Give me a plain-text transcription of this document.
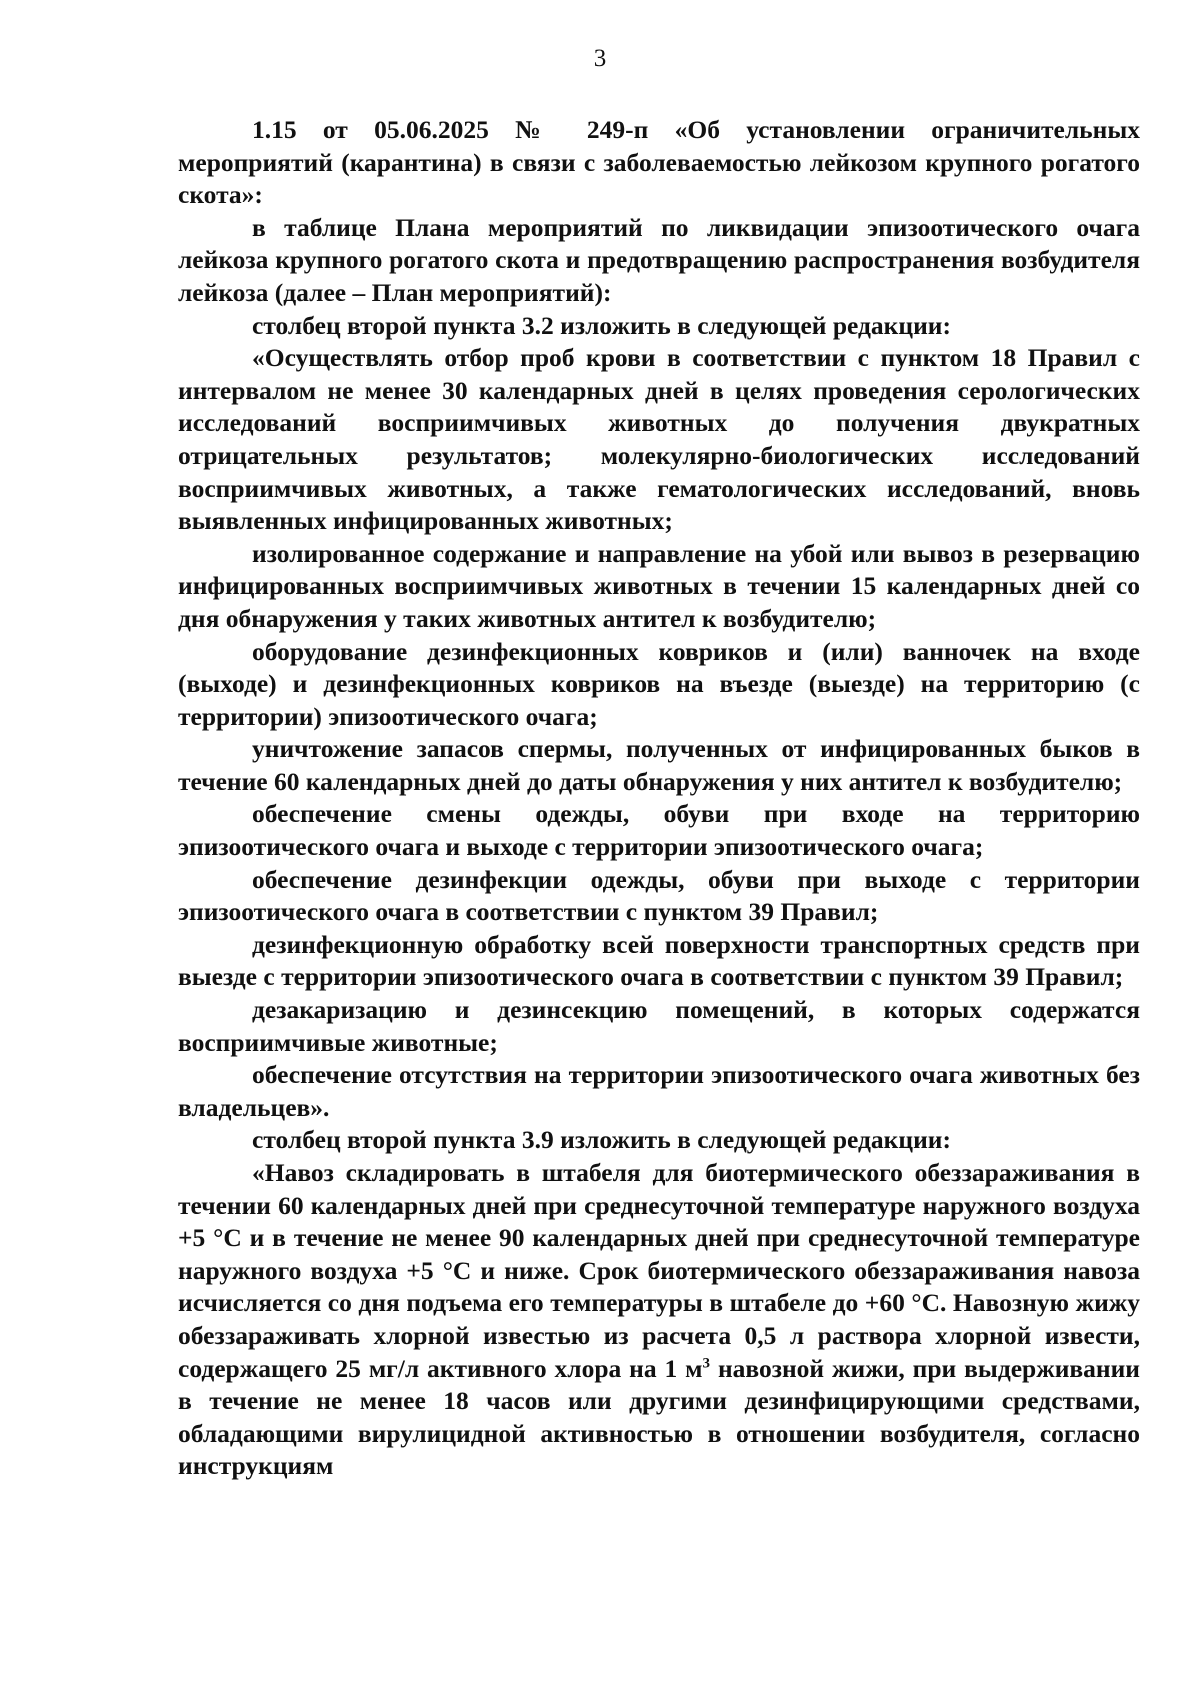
3

1.15 от 05.06.2025 № 249-п «Об установлении ограничительных мероприятий (карантина) в связи с заболеваемостью лейкозом крупного рогатого скота»:

в таблице Плана мероприятий по ликвидации эпизоотического очага лейкоза крупного рогатого скота и предотвращению распространения возбудителя лейкоза (далее – План мероприятий):

столбец второй пункта 3.2 изложить в следующей редакции:

«Осуществлять отбор проб крови в соответствии с пунктом 18 Правил с интервалом не менее 30 календарных дней в целях проведения серологических исследований восприимчивых животных до получения двукратных отрицательных результатов; молекулярно-биологических исследований восприимчивых животных, а также гематологических исследований, вновь выявленных инфицированных животных;

изолированное содержание и направление на убой или вывоз в резервацию инфицированных восприимчивых животных в течении 15 календарных дней со дня обнаружения у таких животных антител к возбудителю;

оборудование дезинфекционных ковриков и (или) ванночек на входе (выходе) и дезинфекционных ковриков на въезде (выезде) на территорию (с территории) эпизоотического очага;

уничтожение запасов спермы, полученных от инфицированных быков в течение 60 календарных дней до даты обнаружения у них антител к возбудителю;

обеспечение смены одежды, обуви при входе на территорию эпизоотического очага и выходе с территории эпизоотического очага;

обеспечение дезинфекции одежды, обуви при выходе с территории эпизоотического очага в соответствии с пунктом 39 Правил;

дезинфекционную обработку всей поверхности транспортных средств при выезде с территории эпизоотического очага в соответствии с пунктом 39 Правил;

дезакаризацию и дезинсекцию помещений, в которых содержатся восприимчивые животные;

обеспечение отсутствия на территории эпизоотического очага животных без владельцев».

столбец второй пункта 3.9 изложить в следующей редакции:

«Навоз складировать в штабеля для биотермического обеззараживания в течении 60 календарных дней при среднесуточной температуре наружного воздуха +5 °С и в течение не менее 90 календарных дней при среднесуточной температуре наружного воздуха +5 °С и ниже. Срок биотермического обеззараживания навоза исчисляется со дня подъема его температуры в штабеле до +60 °С. Навозную жижу обеззараживать хлорной известью из расчета 0,5 л раствора хлорной извести, содержащего 25 мг/л активного хлора на 1 $м^3$ навозной жижи, при выдерживании в течение не менее 18 часов или другими дезинфицирующими средствами, обладающими вирулицидной активностью в отношении возбудителя, согласно инструкциям
